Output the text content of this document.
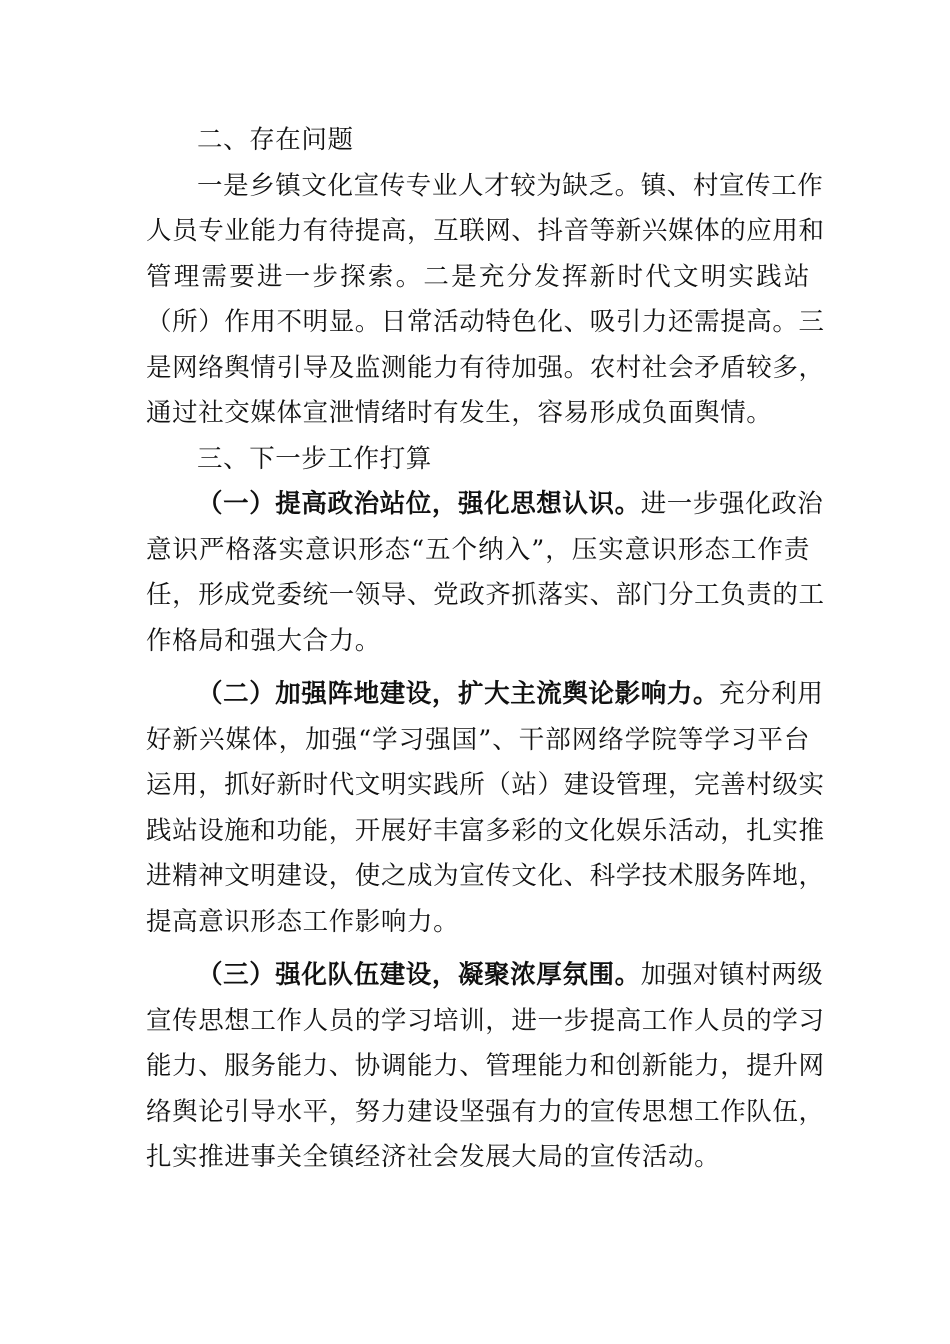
二、存在问题
一是乡镇文化宣传专业人才较为缺乏。镇、村宣传工作
人员专业能力有待提高，互联网、抖音等新兴媒体的应用和
管理需要进一步探索。二是充分发挥新时代文明实践站
（所）作用不明显。日常活动特色化、吸引力还需提高。三
是网络舆情引导及监测能力有待加强。农村社会矛盾较多，
通过社交媒体宣泄情绪时有发生，容易形成负面舆情。
三、下一步工作打算
（一）提高政治站位，强化思想认识。进一步强化政治
意识严格落实意识形态“五个纳入”，压实意识形态工作责
任，形成党委统一领导、党政齐抓落实、部门分工负责的工
作格局和强大合力。
（二）加强阵地建设，扩大主流舆论影响力。充分利用
好新兴媒体，加强“学习强国”、干部网络学院等学习平台
运用，抓好新时代文明实践所（站）建设管理，完善村级实
践站设施和功能，开展好丰富多彩的文化娱乐活动，扎实推
进精神文明建设，使之成为宣传文化、科学技术服务阵地，
提高意识形态工作影响力。
（三）强化队伍建设，凝聚浓厚氛围。加强对镇村两级
宣传思想工作人员的学习培训，进一步提高工作人员的学习
能力、服务能力、协调能力、管理能力和创新能力，提升网
络舆论引导水平，努力建设坚强有力的宣传思想工作队伍，
扎实推进事关全镇经济社会发展大局的宣传活动。
